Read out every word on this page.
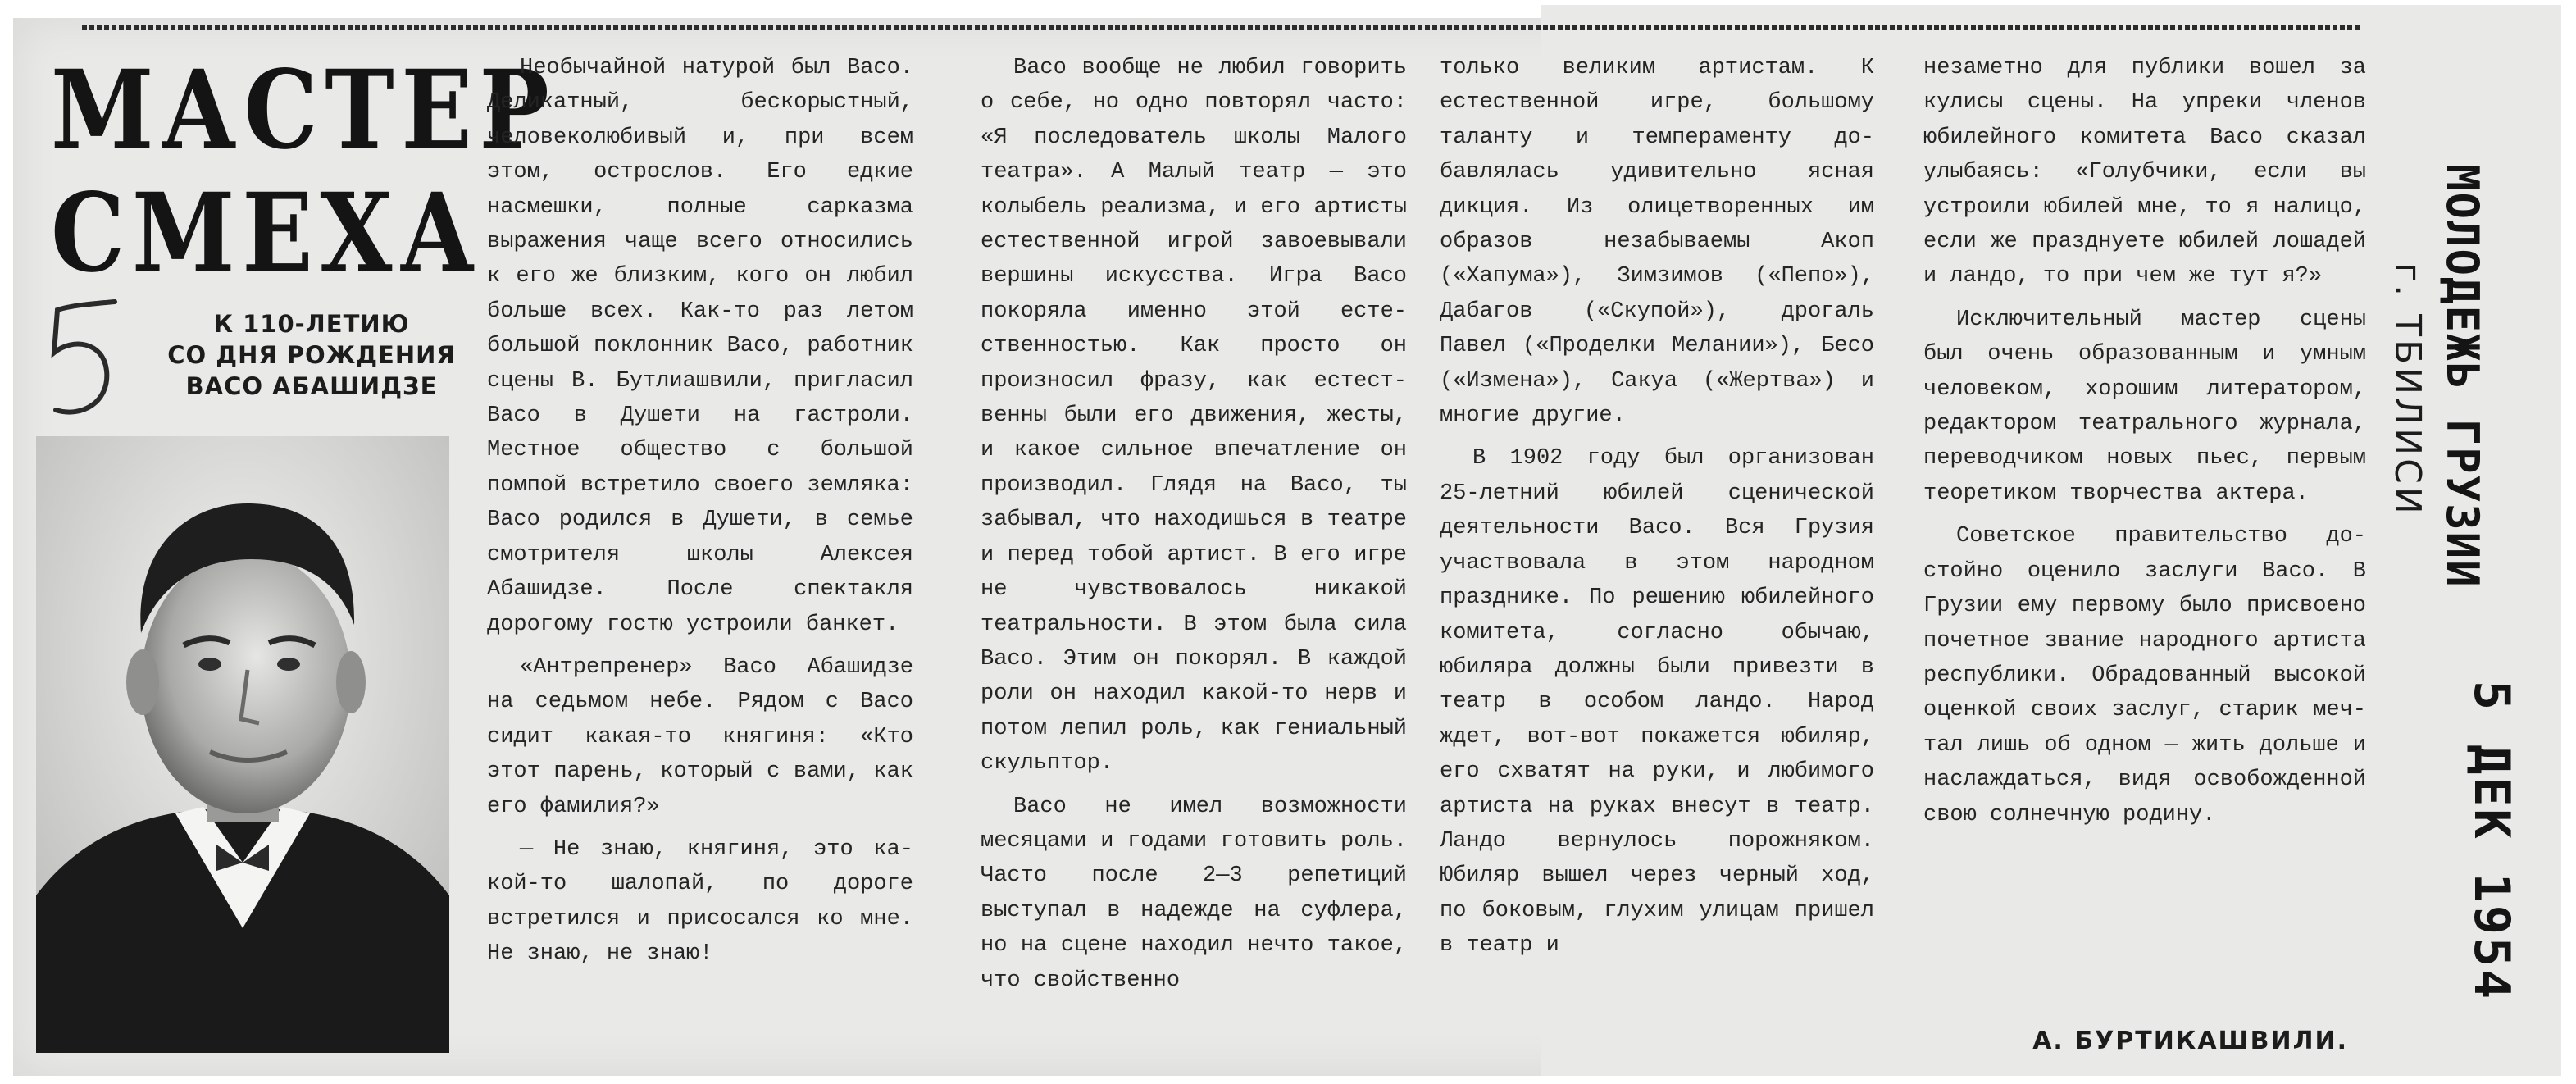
МАСТЕР
СМЕХА
К 110-ЛЕТИЮ
СО ДНЯ РОЖДЕНИЯ
ВАСО АБАШИДЗЕ

Необычайной натурой был Васо. Деликатный, бескорыстный, человеколюбивый и, при всем этом, острослов. Его едкие насмешки, полные сарказма выражения чаще всего относились к его же близким, кого он любил больше всех. Как-то раз летом большой поклонник Васо, работник сцены В. Бутлиашвили, пригласил Васо в Душети на гастроли. Местное общество с большой помпой встретило своего земляка: Васо родился в Душети, в семье смотрителя школы Алексея Абашидзе. После спектакля дорогому гостю устроили банкет.

«Антрепренер» Васо Абашидзе на седьмом небе. Рядом с Васо сидит какая-то княгиня: «Кто этот парень, который с вами, как его фамилия?»

— Не знаю, княгиня, это какой-то шалопай, по дороге встретился и присосался ко мне. Не знаю, не знаю!

Васо вообще не любил говорить о себе, но одно повторял часто: «Я последователь школы Малого театра». А Малый театр — это колыбель реализма, и его артисты естественной игрой завоевывали вершины искусства. Игра Васо покоряла именно этой естественностью. Как просто он произносил фразу, как естественны были его движения, жесты, и какое сильное впечатление он производил. Глядя на Васо, ты забывал, что находишься в театре и перед тобой артист. В его игре не чувствовалось никакой театральности. В этом была сила Васо. Этим он покорял. В каждой роли он находил какой-то нерв и потом лепил роль, как гениальный скульптор.

Васо не имел возможности месяцами и годами готовить роль. Часто после 2—3 репетиций выступал в надежде на суфлера, но на сцене находил нечто такое, что свойственно

только великим артистам. К естественной игре, большому таланту и темпераменту добавлялась удивительно ясная дикция. Из олицетворенных им образов незабываемы Акоп («Хапума»), Зимзимов («Пепо»), Дабагов («Скупой»), дрогаль Павел («Проделки Мелании»), Бесо («Измена»), Сакуа («Жертва») и многие другие.

В 1902 году был организован 25-летний юбилей сценической деятельности Васо. Вся Грузия участвовала в этом народном празднике. По решению юбилейного комитета, согласно обычаю, юбиляра должны были привезти в театр в особом ландо. Народ ждет, вот-вот покажется юбиляр, его схватят на руки, и любимого артиста на руках внесут в театр. Ландо вернулось порожняком. Юбиляр вышел через черный ход, по боковым, глухим улицам пришел в театр и

незаметно для публики вошел за кулисы сцены. На упреки членов юбилейного комитета Васо сказал улыбаясь: «Голубчики, если вы устроили юбилей мне, то я налицо, если же празднуете юбилей лошадей и ландо, то при чем же тут я?»

Исключительный мастер сцены был очень образованным и умным человеком, хорошим литератором, редактором театрального журнала, переводчиком новых пьес, первым теоретиком творчества актера.

Советское правительство достойно оценило заслуги Васо. В Грузии ему первому было присвоено почетное звание народного артиста республики. Обрадованный высокой оценкой своих заслуг, старик мечтал лишь об одном — жить дольше и наслаждаться, видя освобожденной свою солнечную родину.

А. БУРТИКАШВИЛИ.
МОЛОДЕЖЬ ГРУЗИИ
г. ТБИЛИСИ
5 ДЕК 1954
